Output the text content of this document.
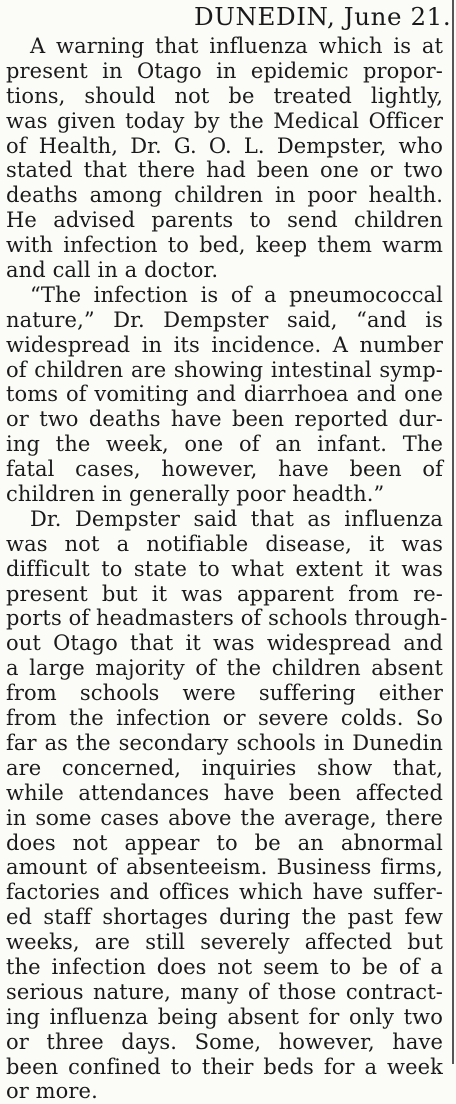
DUNEDIN, June 21.
A warning that influenza which is at
present in Otago in epidemic propor-
tions, should not be treated lightly,
was given today by the Medical Officer
of Health, Dr. G. O. L. Dempster, who
stated that there had been one or two
deaths among children in poor health.
He advised parents to send children
with infection to bed, keep them warm
and call in a doctor.
“The infection is of a pneumococcal
nature,” Dr. Dempster said, “and is
widespread in its incidence. A number
of children are showing intestinal symp-
toms of vomiting and diarrhoea and one
or two deaths have been reported dur-
ing the week, one of an infant. The
fatal cases, however, have been of
children in generally poor headth.”
Dr. Dempster said that as influenza
was not a notifiable disease, it was
difficult to state to what extent it was
present but it was apparent from re-
ports of headmasters of schools through-
out Otago that it was widespread and
a large majority of the children absent
from schools were suffering either
from the infection or severe colds. So
far as the secondary schools in Dunedin
are concerned, inquiries show that,
while attendances have been affected
in some cases above the average, there
does not appear to be an abnormal
amount of absenteeism. Business firms,
factories and offices which have suffer-
ed staff shortages during the past few
weeks, are still severely affected but
the infection does not seem to be of a
serious nature, many of those contract-
ing influenza being absent for only two
or three days. Some, however, have
been confined to their beds for a week
or more.
